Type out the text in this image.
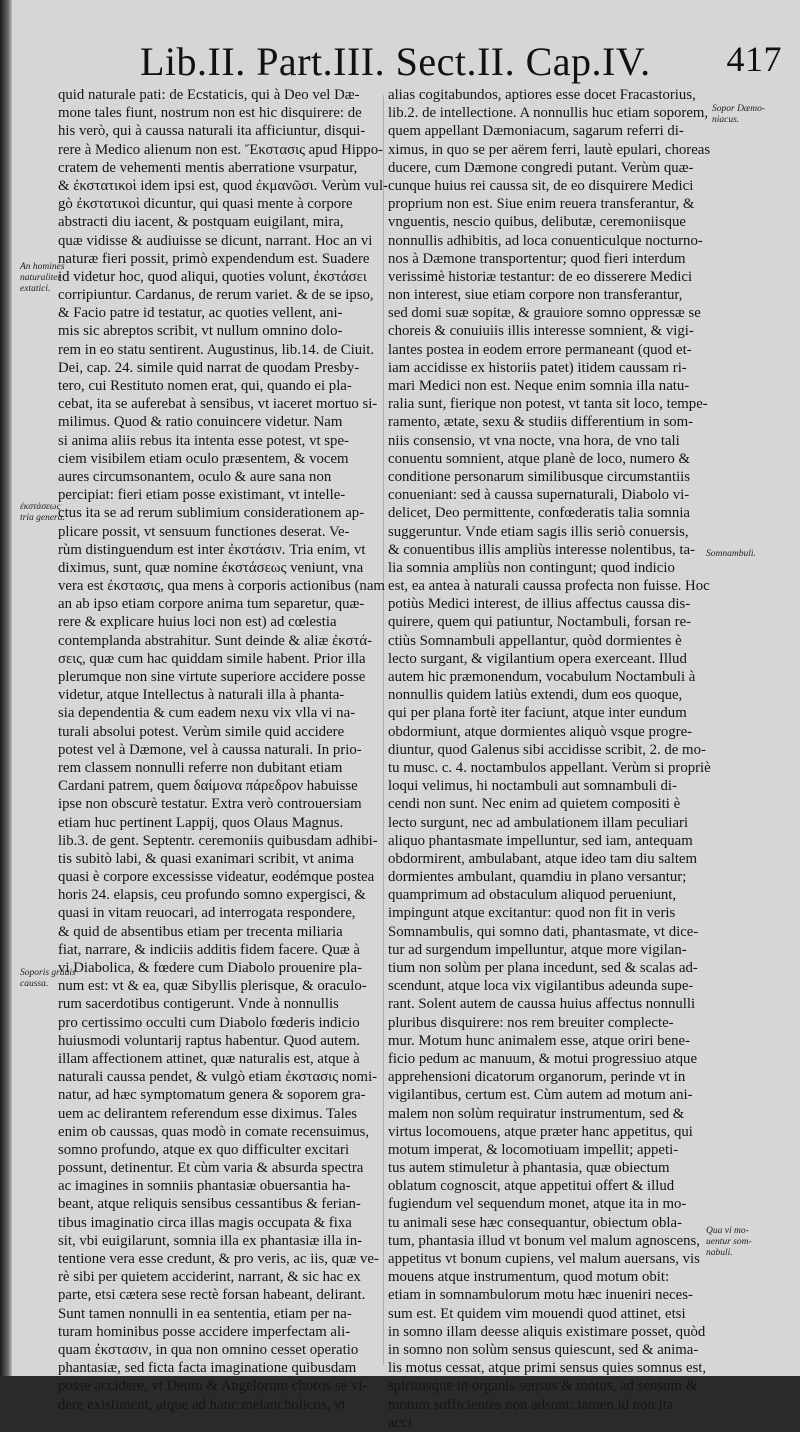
Lib.II. Part.III. Sect.II. Cap.IV. 417
quid naturale pati: de Ecstaticis, qui à Deo vel Dæ-
mone tales fiunt, nostrum non est hic disquirere: de
his verò, qui à caussa naturali ita afficiuntur, disqui-
rere à Medico alienum non est. Ἔκστασις apud Hippo-
cratem de vehementi mentis aberratione vsurpatur,
& ἐκστατικοὶ idem ipsi est, quod ἐκμανῶσι. Verùm vul-
gò ἐκστατικοὶ dicuntur, qui quasi mente à corpore
abstracti diu iacent, & postquam euigilant, mira,
quæ vidisse & audiuisse se dicunt, narrant. Hoc an vi
naturæ fieri possit, primò expendendum est. Suadere
id videtur hoc, quod aliqui, quoties volunt, ἐκστάσει
corripiuntur. Cardanus, de rerum variet. & de se ipso,
& Facio patre id testatur, ac quoties vellent, ani-
mis sic abreptos scribit, vt nullum omnino dolo-
rem in eo statu sentirent. Augustinus, lib.14. de Ciuit.
Dei, cap. 24. simile quid narrat de quodam Presby-
tero, cui Restituto nomen erat, qui, quando ei pla-
cebat, ita se auferebat à sensibus, vt iaceret mortuo si-
milimus. Quod & ratio conuincere videtur. Nam
si anima aliis rebus ita intenta esse potest, vt spe-
ciem visibilem etiam oculo præsentem, & vocem
aures circumsonantem, oculo & aure sana non
percipiat: fieri etiam posse existimant, vt intelle-
ctus ita se ad rerum sublimium considerationem ap-
plicare possit, vt sensuum functiones deserat. Ve-
rùm distinguendum est inter ἐκστάσιν. Tria enim, vt
diximus, sunt, quæ nomine ἐκστάσεως veniunt, vna
vera est ἐκστασις, qua mens à corporis actionibus (nam
an ab ipso etiam corpore anima tum separetur, quæ-
rere & explicare huius loci non est) ad cœlestia
contemplanda abstrahitur. Sunt deinde & aliæ ἐκστά-
σεις, quæ cum hac quiddam simile habent. Prior illa
plerumque non sine virtute superiore accidere posse
videtur, atque Intellectus à naturali illa à phanta-
sia dependentia & cum eadem nexu vix vlla vi na-
turali absolui potest. Verùm simile quid accidere
potest vel à Dæmone, vel à caussa naturali. In prio-
rem classem nonnulli referre non dubitant etiam
Cardani patrem, quem δαίμονα πάρεδρον habuisse
ipse non obscurè testatur. Extra verò controuersiam
etiam huc pertinent Lappij, quos Olaus Magnus.
lib.3. de gent. Septentr. ceremoniis quibusdam adhibi-
tis subitò labi, & quasi exanimari scribit, vt anima
quasi è corpore excessisse videatur, eodémque postea
horis 24. elapsis, ceu profundo somno expergisci, &
quasi in vitam reuocari, ad interrogata respondere,
& quid de absentibus etiam per trecenta miliaria
fiat, narrare, & indiciis additis fidem facere. Quæ à
vi Diabolica, & fœdere cum Diabolo prouenire pla-
num est: vt & ea, quæ Sibyllis plerisque, & oraculo-
rum sacerdotibus contigerunt. Vnde à nonnullis
pro certissimo occulti cum Diabolo fœderis indicio
huiusmodi voluntarij raptus habentur. Quod autem.
illam affectionem attinet, quæ naturalis est, atque à
naturali caussa pendet, & vulgò etiam ἐκστασις nomi-
natur, ad hæc symptomatum genera & soporem gra-
uem ac delirantem referendum esse diximus. Tales
enim ob caussas, quas modò in comate recensuimus,
somno profundo, atque ex quo difficulter excitari
possunt, detinentur. Et cùm varia & absurda spectra
ac imagines in somniis phantasiæ obuersantia ha-
beant, atque reliquis sensibus cessantibus & ferian-
tibus imaginatio circa illas magis occupata & fixa
sit, vbi euigilarunt, somnia illa ex phantasiæ illa in-
tentione vera esse credunt, & pro veris, ac iis, quæ ve-
rè sibi per quietem acciderint, narrant, & sic hac ex
parte, etsi cætera sese rectè forsan habeant, delirant.
Sunt tamen nonnulli in ea sententia, etiam per na-
turam hominibus posse accidere imperfectam ali-
quam ἐκστασιν, in qua non omnino cesset operatio
phantasiæ, sed ficta facta imaginatione quibusdam
posse accidere, vt Deum & Angelorum choros se vi-
dere existiment, atque ad hanc melancholicos, vt
alias cogitabundos, aptiores esse docet Fracastorius,
lib.2. de intellectione. A nonnullis huc etiam soporem,
quem appellant Dæmoniacum, sagarum referri di-
ximus, in quo se per aërem ferri, lautè epulari, choreas
ducere, cum Dæmone congredi putant. Verùm quæ-
cunque huius rei caussa sit, de eo disquirere Medici
proprium non est. Siue enim reuera transferantur, &
vnguentis, nescio quibus, delibutæ, ceremoniisque
nonnullis adhibitis, ad loca conuenticulque nocturno-
nos à Dæmone transportentur; quod fieri interdum
verissimè historiæ testantur: de eo disserere Medici
non interest, siue etiam corpore non transferantur,
sed domi suæ sopitæ, & grauiore somno oppressæ se
choreis & conuiuiis illis interesse somnient, & vigi-
lantes postea in eodem errore permaneant (quod et-
iam accidisse ex historiis patet) itidem caussam ri-
mari Medici non est. Neque enim somnia illa natu-
ralia sunt, fierique non potest, vt tanta sit loco, tempe-
ramento, ætate, sexu & studiis differentium in som-
niis consensio, vt vna nocte, vna hora, de vno tali
conuentu somnient, atque planè de loco, numero &
conditione personarum similibusque circumstantiis
conueniant: sed à caussa supernaturali, Diabolo vi-
delicet, Deo permittente, confœderatis talia somnia
suggeruntur. Vnde etiam sagis illis seriò conuersis,
& conuentibus illis ampliùs interesse nolentibus, ta-
lia somnia ampliùs non contingunt; quod indicio
est, ea antea à naturali caussa profecta non fuisse. Hoc
potiùs Medici interest, de illius affectus caussa dis-
quirere, quem qui patiuntur, Noctambuli, forsan re-
ctiùs Somnambuli appellantur, quòd dormientes è
lecto surgant, & vigilantium opera exerceant. Illud
autem hic præmonendum, vocabulum Noctambuli à
nonnullis quidem latiùs extendi, dum eos quoque,
qui per plana fortè iter faciunt, atque inter eundum
obdormiunt, atque dormientes aliquò vsque progre-
diuntur, quod Galenus sibi accidisse scribit, 2. de mo-
tu musc. c. 4. noctambulos appellant. Verùm si propriè
loqui velimus, hi noctambuli aut somnambuli di-
cendi non sunt. Nec enim ad quietem compositi è
lecto surgunt, nec ad ambulationem illam peculiari
aliquo phantasmate impelluntur, sed iam, antequam
obdormirent, ambulabant, atque ideo tam diu saltem
dormientes ambulant, quamdiu in plano versantur;
quamprimum ad obstaculum aliquod perueniunt,
impingunt atque excitantur: quod non fit in veris
Somnambulis, qui somno dati, phantasmate, vt dice-
tur ad surgendum impelluntur, atque more vigilan-
tium non solùm per plana incedunt, sed & scalas ad-
scendunt, atque loca vix vigilantibus adeunda supe-
rant. Solent autem de caussa huius affectus nonnulli
pluribus disquirere: nos rem breuiter complecte-
mur. Motum hunc animalem esse, atque oriri bene-
ficio pedum ac manuum, & motui progressiuo atque
apprehensioni dicatorum organorum, perinde vt in
vigilantibus, certum est. Cùm autem ad motum ani-
malem non solùm requiratur instrumentum, sed &
virtus locomouens, atque præter hanc appetitus, qui
motum imperat, & locomotiuam impellit; appeti-
tus autem stimuletur à phantasia, quæ obiectum
oblatum cognoscit, atque appetitui offert & illud
fugiendum vel sequendum monet, atque ita in mo-
tu animali sese hæc consequantur, obiectum obla-
tum, phantasia illud vt bonum vel malum agnoscens,
appetitus vt bonum cupiens, vel malum auersans, vis
mouens atque instrumentum, quod motum obit:
etiam in somnambulorum motu hæc inueniri neces-
sum est. Et quidem vim mouendi quod attinet, etsi
in somno illam deesse aliquis existimare posset, quòd
in somno non solùm sensus quiescunt, sed & anima-
lis motus cessat, atque primi sensus quies somnus est,
spiritusque in organis sensus & motus, ad sensum &
motum sufficientes non adsunt: tamen id non ita
acci
An homines
naturaliter
extatici.
ἐκστάσεως
tria genera.
Soporis grauis
caussa.
Sopor Dæmo-
niacus.
Somnambuli.
Qua vi mo-
uentur som-
nabuli.
